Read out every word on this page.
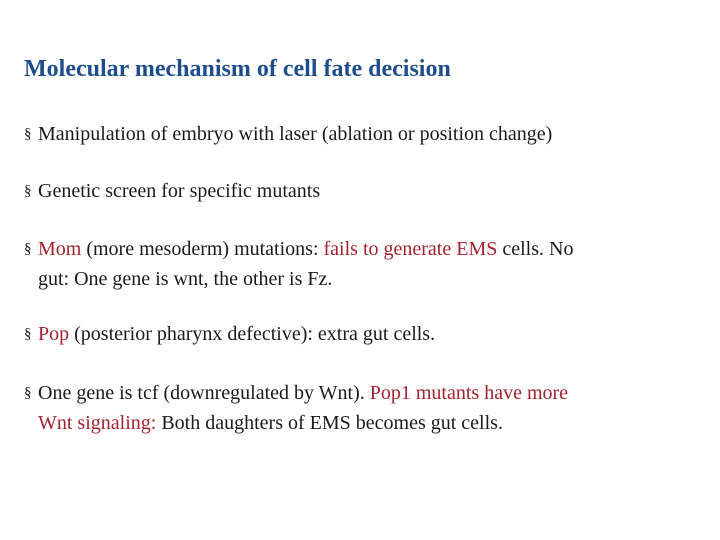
Molecular mechanism of cell fate decision
§ Manipulation of embryo with laser (ablation or position change)
§ Genetic screen for specific mutants
§ Mom (more mesoderm) mutations: fails to generate EMS cells. No
gut: One gene is wnt, the other is Fz.
§ Pop (posterior pharynx defective): extra gut cells.
§ One gene is tcf (downregulated by Wnt). Pop1 mutants have more
Wnt signaling: Both daughters of EMS becomes gut cells.
